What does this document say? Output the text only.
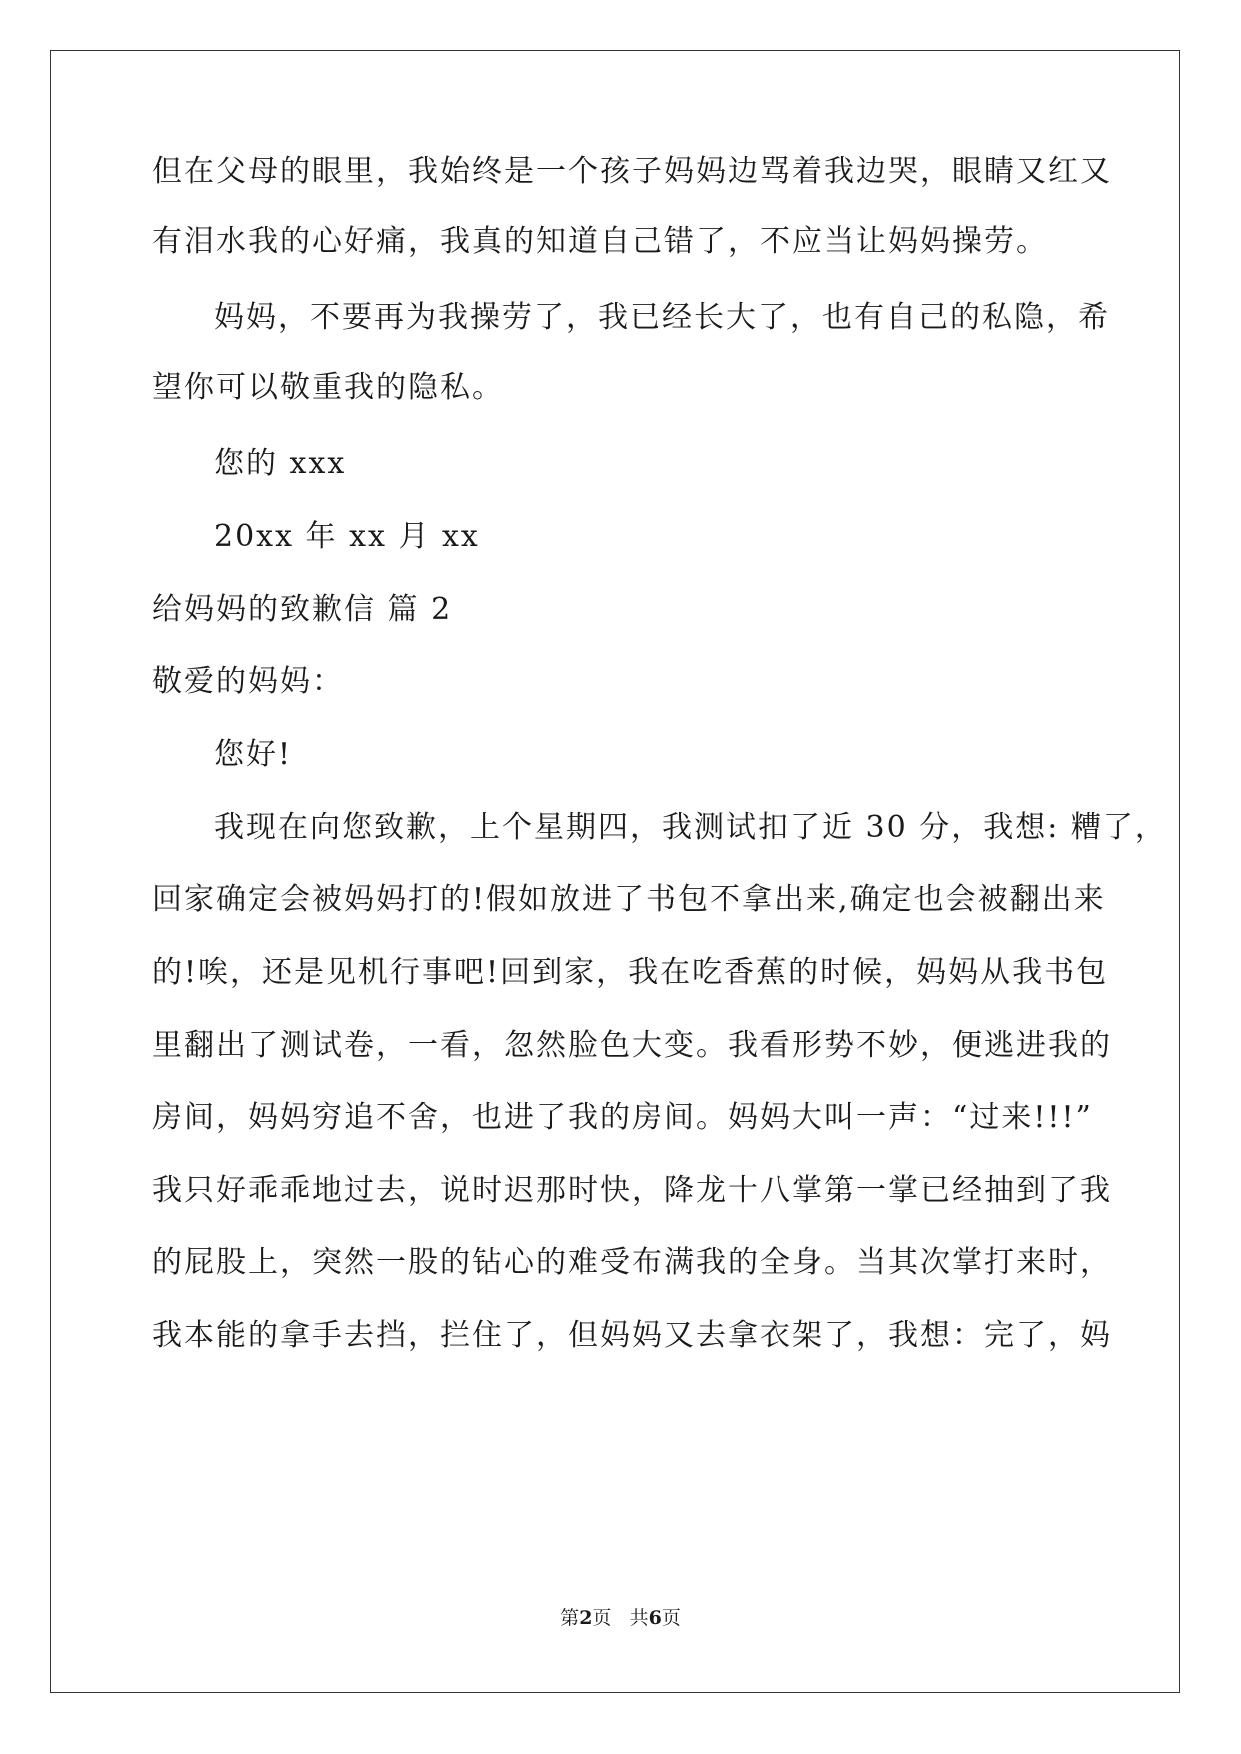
但在父母的眼里，我始终是一个孩子妈妈边骂着我边哭，眼睛又红又
有泪水我的心好痛，我真的知道自己错了，不应当让妈妈操劳。
妈妈，不要再为我操劳了，我已经长大了，也有自己的私隐，希
望你可以敬重我的隐私。
您的 xxx
20xx 年 xx 月 xx
给妈妈的致歉信 篇 2
敬爱的妈妈：
您好!
我现在向您致歉，上个星期四，我测试扣了近 30 分，我想: 糟了，
回家确定会被妈妈打的!假如放进了书包不拿出来,确定也会被翻出来
的!唉，还是见机行事吧!回到家，我在吃香蕉的时候，妈妈从我书包
里翻出了测试卷，一看，忽然脸色大变。我看形势不妙，便逃进我的
房间，妈妈穷追不舍，也进了我的房间。妈妈大叫一声：“过来!!!”
我只好乖乖地过去，说时迟那时快，降龙十八掌第一掌已经抽到了我
的屁股上，突然一股的钻心的难受布满我的全身。当其次掌打来时，
我本能的拿手去挡，拦住了，但妈妈又去拿衣架了，我想：完了，妈
第2页 共6页
